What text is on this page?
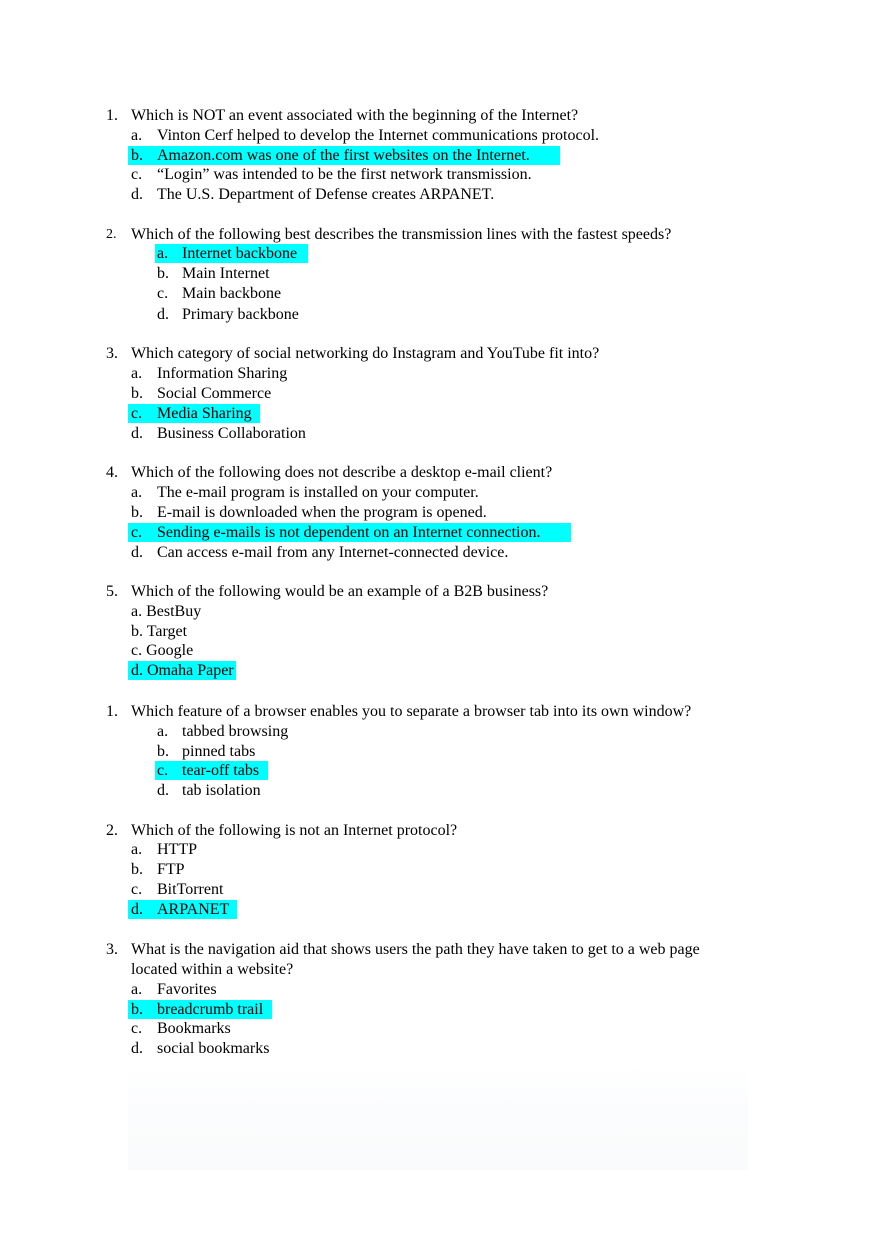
1. Which is NOT an event associated with the beginning of the Internet?
a. Vinton Cerf helped to develop the Internet communications protocol.
b. Amazon.com was one of the first websites on the Internet.
c. “Login” was intended to be the first network transmission.
d. The U.S. Department of Defense creates ARPANET.
2. Which of the following best describes the transmission lines with the fastest speeds?
a. Internet backbone
b. Main Internet
c. Main backbone
d. Primary backbone
3. Which category of social networking do Instagram and YouTube fit into?
a. Information Sharing
b. Social Commerce
c. Media Sharing
d. Business Collaboration
4. Which of the following does not describe a desktop e-mail client?
a. The e-mail program is installed on your computer.
b. E-mail is downloaded when the program is opened.
c. Sending e-mails is not dependent on an Internet connection.
d. Can access e-mail from any Internet-connected device.
5. Which of the following would be an example of a B2B business?
a. BestBuy
b. Target
c. Google
d. Omaha Paper
1. Which feature of a browser enables you to separate a browser tab into its own window?
a. tabbed browsing
b. pinned tabs
c. tear-off tabs
d. tab isolation
2. Which of the following is not an Internet protocol?
a. HTTP
b. FTP
c. BitTorrent
d. ARPANET
3. What is the navigation aid that shows users the path they have taken to get to a web page
located within a website?
a. Favorites
b. breadcrumb trail
c. Bookmarks
d. social bookmarks
